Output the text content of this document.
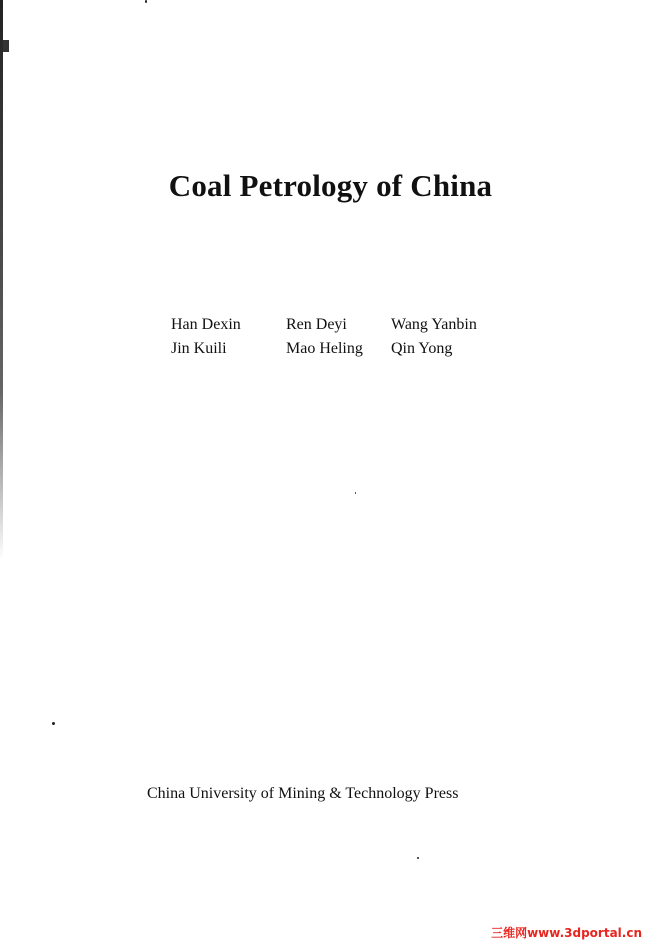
Coal Petrology of China
Han Dexin	Ren Deyi	Wang Yanbin
Jin Kuili	Mao Heling	Qin Yong
China University of Mining & Technology Press
三维网www.3dportal.cn
